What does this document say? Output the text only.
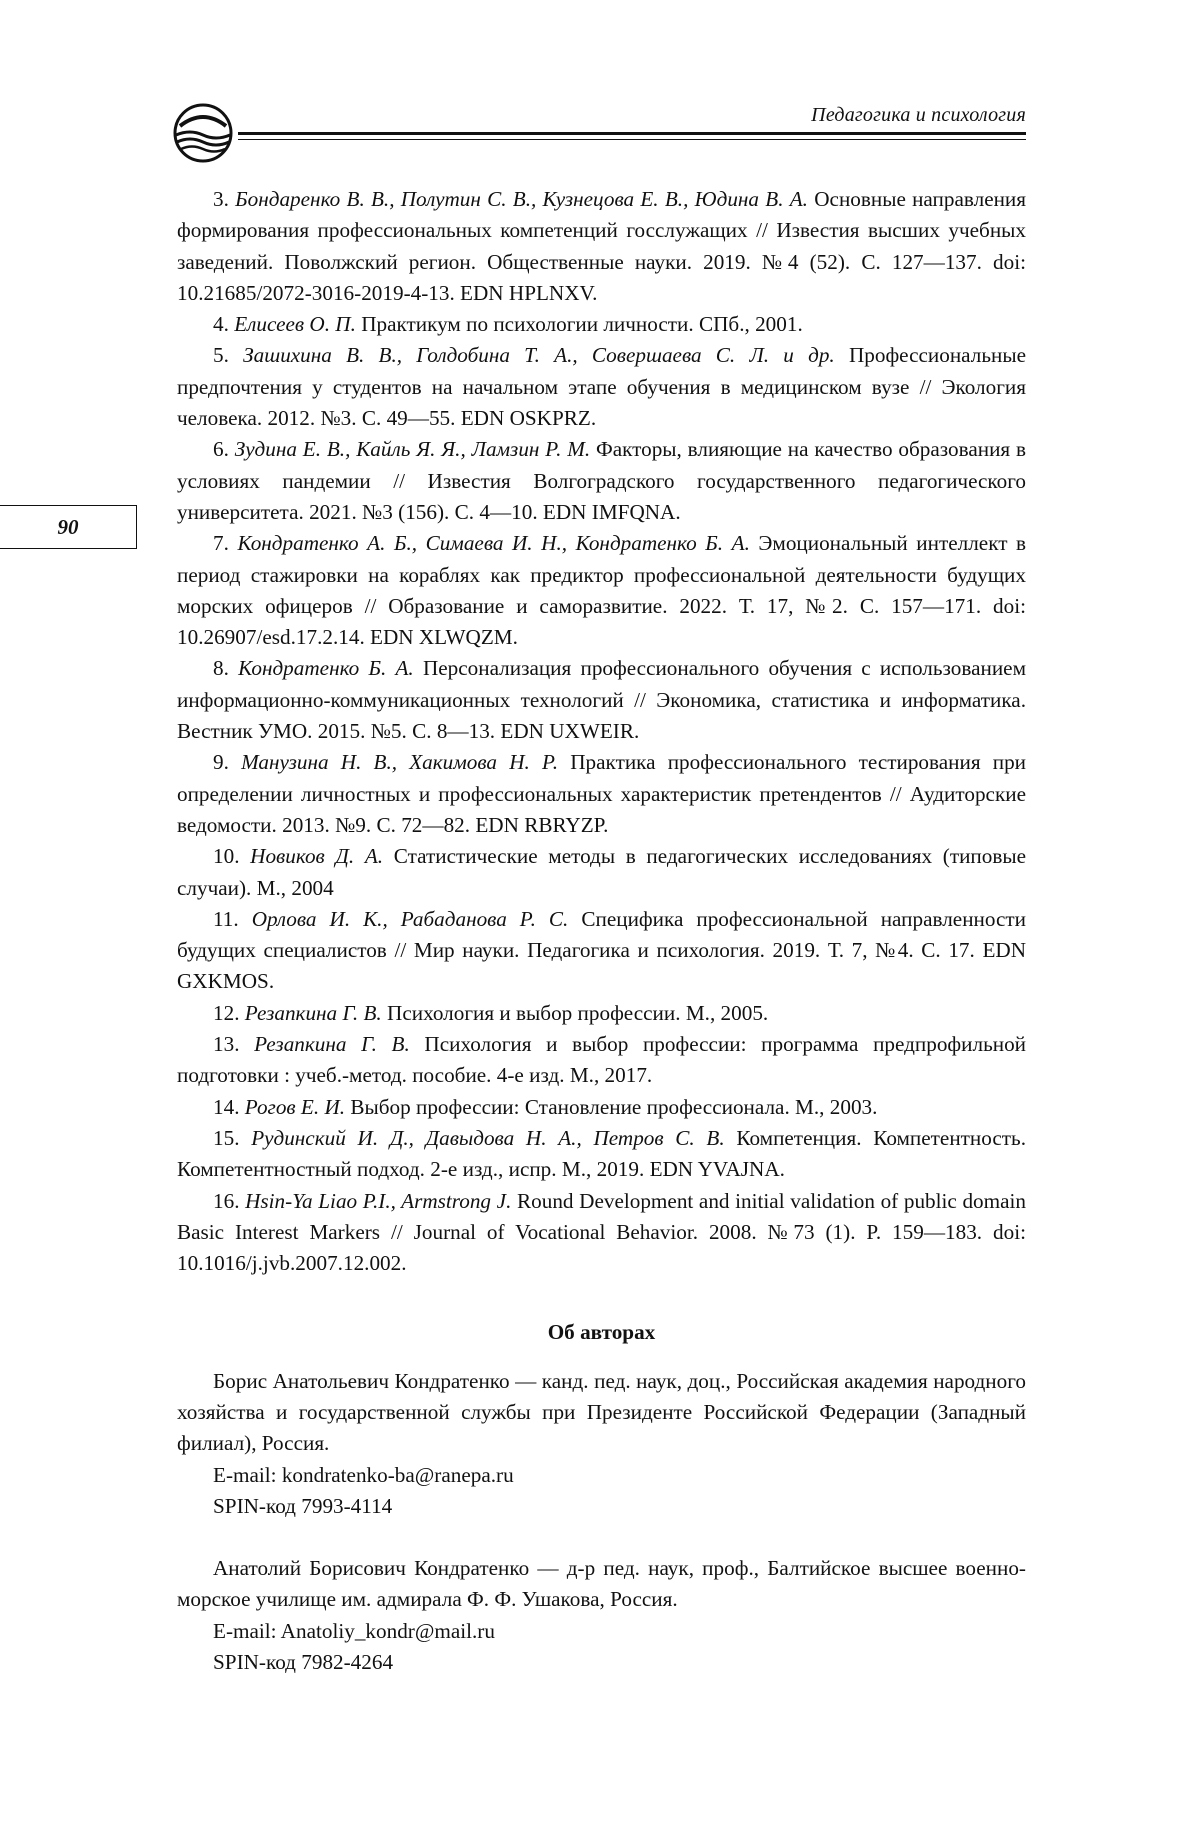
Педагогика и психология
90

3. Бондаренко В. В., Полутин С. В., Кузнецова Е. В., Юдина В. А. Основные направления формирования профессиональных компетенций госслужащих // Известия высших учебных заведений. Поволжский регион. Общественные науки. 2019. №4 (52). С. 127—137. doi: 10.21685/2072-3016-2019-4-13. EDN HPLNXV.

4. Елисеев О. П. Практикум по психологии личности. СПб., 2001.

5. Зашихина В. В., Голдобина Т. А., Совершаева С. Л. и др. Профессиональные предпочтения у студентов на начальном этапе обучения в медицинском вузе // Экология человека. 2012. №3. С. 49—55. EDN OSKPRZ.

6. Зудина Е. В., Кайль Я. Я., Ламзин Р. М. Факторы, влияющие на качество образования в условиях пандемии // Известия Волгоградского государственного педагогического университета. 2021. №3 (156). С. 4—10. EDN IMFQNA.

7. Кондратенко А. Б., Симаева И. Н., Кондратенко Б. А. Эмоциональный интеллект в период стажировки на кораблях как предиктор профессиональной деятельности будущих морских офицеров // Образование и саморазвитие. 2022. Т. 17, №2. С. 157—171. doi: 10.26907/esd.17.2.14. EDN XLWQZM.

8. Кондратенко Б. А. Персонализация профессионального обучения с использованием информационно-коммуникационных технологий // Экономика, статистика и информатика. Вестник УМО. 2015. №5. С. 8—13. EDN UXWEIR.

9. Манузина Н. В., Хакимова Н. Р. Практика профессионального тестирования при определении личностных и профессиональных характеристик претендентов // Аудиторские ведомости. 2013. №9. С. 72—82. EDN RBRYZP.

10. Новиков Д. А. Статистические методы в педагогических исследованиях (типовые случаи). М., 2004

11. Орлова И. К., Рабаданова Р. С. Специфика профессиональной направленности будущих специалистов // Мир науки. Педагогика и психология. 2019. Т. 7, №4. С. 17. EDN GXKMOS.

12. Резапкина Г. В. Психология и выбор профессии. М., 2005.

13. Резапкина Г. В. Психология и выбор профессии: программа предпрофильной подготовки : учеб.-метод. пособие. 4-е изд. М., 2017.

14. Рогов Е. И. Выбор профессии: Становление профессионала. М., 2003.

15. Рудинский И. Д., Давыдова Н. А., Петров С. В. Компетенция. Компетентность. Компетентностный подход. 2-е изд., испр. М., 2019. EDN YVAJNA.

16. Hsin-Ya Liao P.I., Armstrong J. Round Development and initial validation of public domain Basic Interest Markers // Journal of Vocational Behavior. 2008. №73 (1). P. 159—183. doi: 10.1016/j.jvb.2007.12.002.

Об авторах

Борис Анатольевич Кондратенко — канд. пед. наук, доц., Российская академия народного хозяйства и государственной службы при Президенте Российской Федерации (Западный филиал), Россия.

E-mail: kondratenko-ba@ranepa.ru

SPIN-код 7993-4114

Анатолий Борисович Кондратенко — д-р пед. наук, проф., Балтийское высшее военно-морское училище им. адмирала Ф. Ф. Ушакова, Россия.

E-mail: Anatoliy_kondr@mail.ru

SPIN-код 7982-4264
